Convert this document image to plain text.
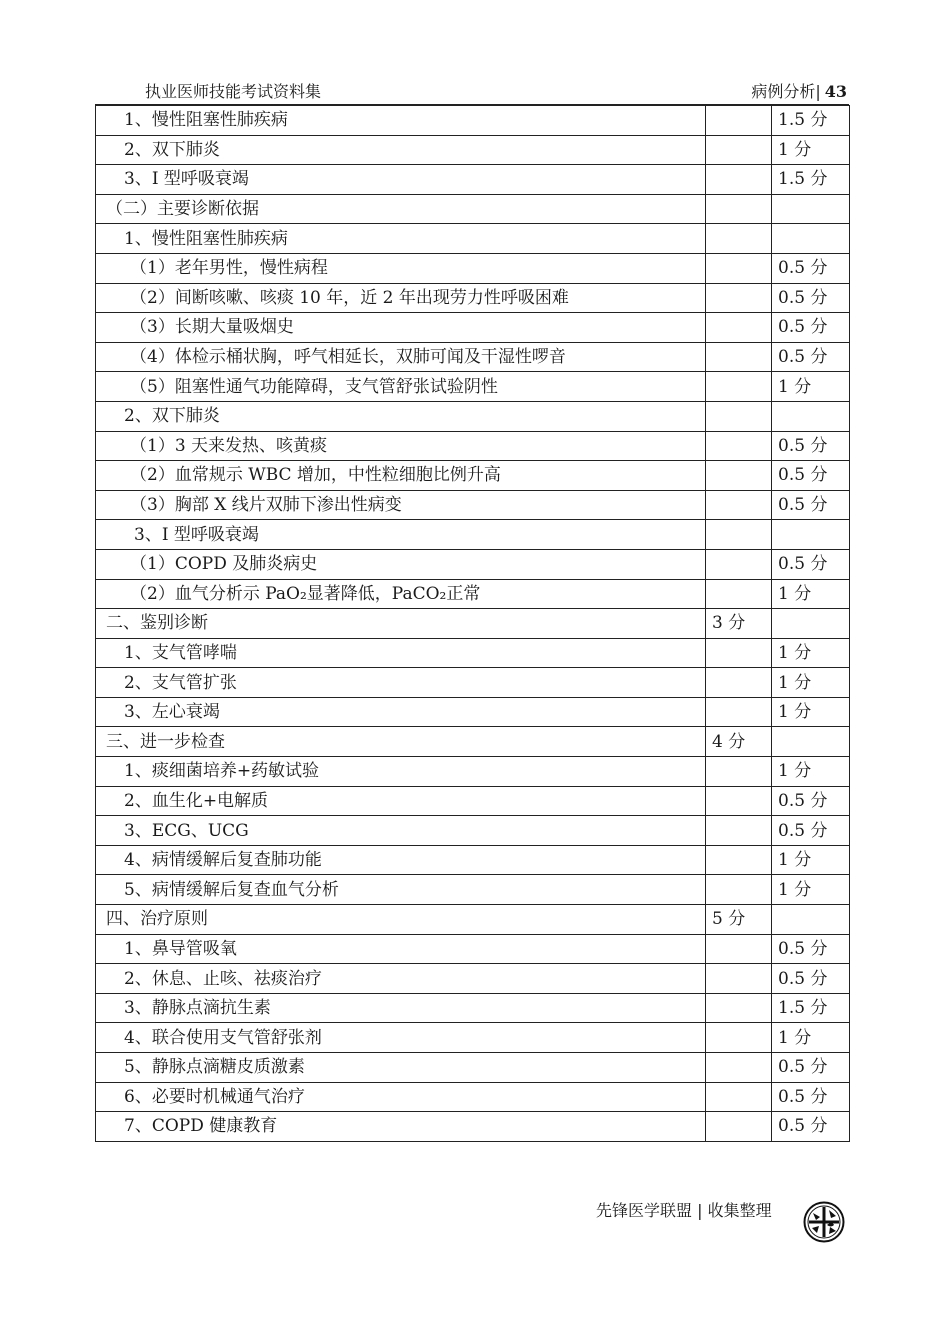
执业医师技能考试资料集	病例分析| 43
1、慢性阻塞性肺疾病		1.5 分
2、双下肺炎		1 分
3、I 型呼吸衰竭		1.5 分
（二）主要诊断依据		
1、慢性阻塞性肺疾病		
（1）老年男性，慢性病程		0.5 分
（2）间断咳嗽、咳痰 10 年，近 2 年出现劳力性呼吸困难		0.5 分
（3）长期大量吸烟史		0.5 分
（4）体检示桶状胸，呼气相延长，双肺可闻及干湿性啰音		0.5 分
（5）阻塞性通气功能障碍，支气管舒张试验阴性		1 分
2、双下肺炎		
（1）3 天来发热、咳黄痰		0.5 分
（2）血常规示 WBC 增加，中性粒细胞比例升高		0.5 分
（3）胸部 X 线片双肺下渗出性病变		0.5 分
3、I 型呼吸衰竭		
（1）COPD 及肺炎病史		0.5 分
（2）血气分析示 PaO₂显著降低，PaCO₂正常		1 分
二、鉴别诊断	3 分	
1、支气管哮喘		1 分
2、支气管扩张		1 分
3、左心衰竭		1 分
三、进一步检查	4 分	
1、痰细菌培养+药敏试验		1 分
2、血生化+电解质		0.5 分
3、ECG、UCG		0.5 分
4、病情缓解后复查肺功能		1 分
5、病情缓解后复查血气分析		1 分
四、治疗原则	5 分	
1、鼻导管吸氧		0.5 分
2、休息、止咳、祛痰治疗		0.5 分
3、静脉点滴抗生素		1.5 分
4、联合使用支气管舒张剂		1 分
5、静脉点滴糖皮质激素		0.5 分
6、必要时机械通气治疗		0.5 分
7、COPD 健康教育		0.5 分
先锋医学联盟 | 收集整理
